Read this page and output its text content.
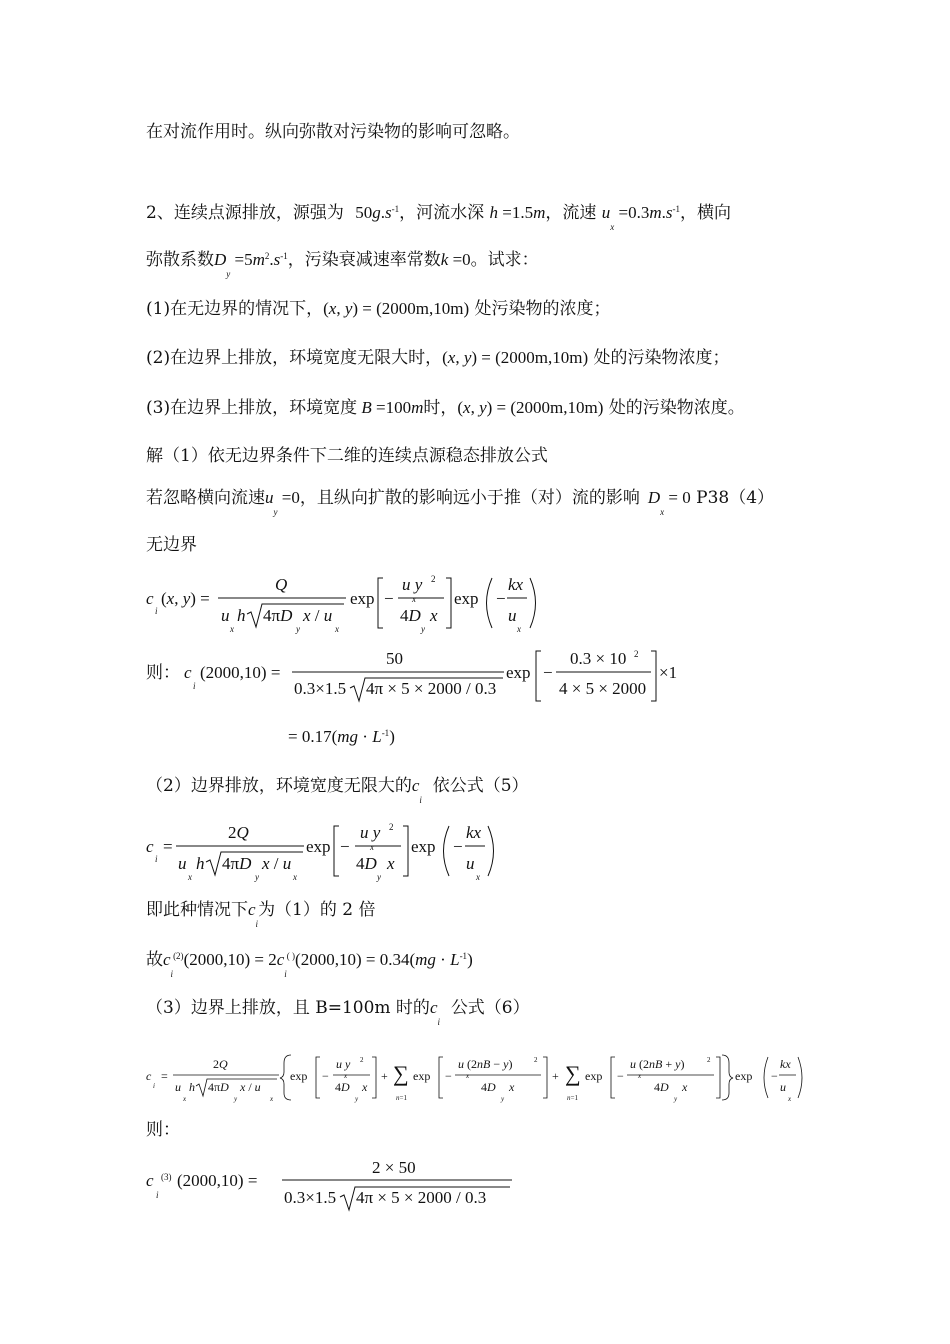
在对流作用时。纵向弥散对污染物的影响可忽略。
2、连续点源排放，源强为 $50g.s^{-1}$，河流水深 h =1.5m，流速 $u_x =0.3m.s^{-1}$，横向
弥散系数$D_y =5m^2.s^{-1}$，污染衰减速率常数k =0。试求：
(1)在无边界的情况下，(x, y) = (2000m,10m) 处污染物的浓度；
(2)在边界上排放，环境宽度无限大时，(x, y) = (2000m,10m) 处的污染物浓度；
(3)在边界上排放，环境宽度 B =100m时，(x, y) = (2000m,10m) 处的污染物浓度。
解（1）依无边界条件下二维的连续点源稳态排放公式
若忽略横向流速$u_y =0$，且纵向扩散的影响远小于推（对）流的影响 $D_x = 0$ P38（4）
无边界
则：
= $0.17(mg \cdot L^{-1})$
（2）边界排放，环境宽度无限大的$c_i$  依公式（5）
即此种情况下$c_i$为（1）的 2 倍
故$c_i^{(2)}(2000,10) = 2c_i^{( )}(2000,10) = 0.34(mg \cdot L^{-1})$
（3）边界上排放，且 B=100m 时的$c_i$  公式（6）
则：
c
i
(x, y) =
Q
u
x
h 4πD
y
x / u
x
exp −
u y 2
x
4D
y
x
exp −
kx
u
x
c
i
(2000,10) =
50
0.3×1.5 4π × 5 × 2000 / 0.3
exp −
0.3 × 10 2
4 × 5 × 2000
×1
c
i
=
2Q
u
x
h 4πD
y
x / u
x
exp −
u y 2
x
4D
y
x
exp −
kx
u
x
c
i
=
2Q
u
x
h 4πD
y
x / u
x
exp −
u y 2
x
4D
y
x
+ ∑
n=1
exp −
u (2nB − y)	2
x
4D
y
x
+ ∑
n=1
exp −
u (2nB + y)	2
x
4D
y
x
exp −
kx
u
x
c
i
(3) (2000,10) =
2 × 50
0.3×1.5 4π × 5 × 2000 / 0.3
